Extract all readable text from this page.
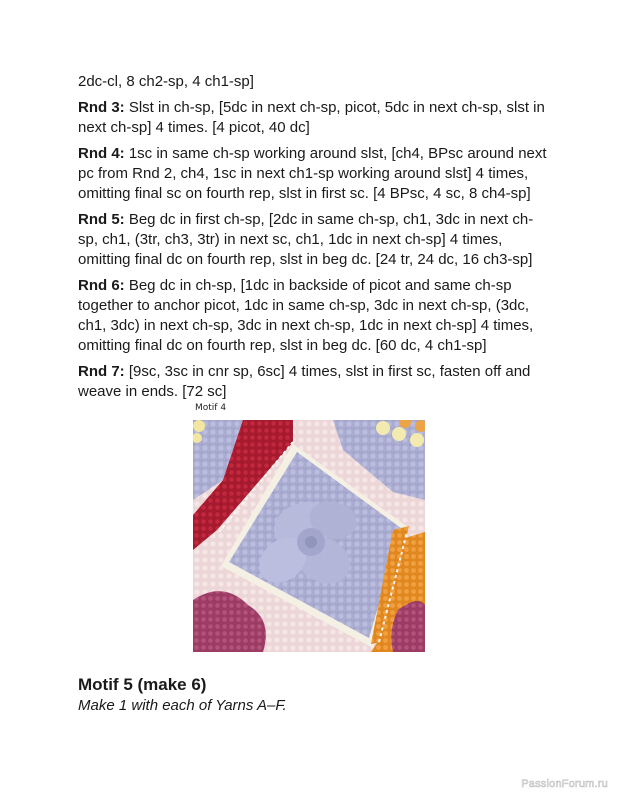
2dc-cl, 8 ch2-sp, 4 ch1-sp]

Rnd 3: Slst in ch-sp, [5dc in next ch-sp, picot, 5dc in next ch-sp, slst in next ch-sp] 4 times. [4 picot, 40 dc]

Rnd 4: 1sc in same ch-sp working around slst, [ch4, BPsc around next pc from Rnd 2, ch4, 1sc in next ch1-sp working around slst] 4 times, omitting final sc on fourth rep, slst in first sc. [4 BPsc, 4 sc, 8 ch4-sp]

Rnd 5: Beg dc in first ch-sp, [2dc in same ch-sp, ch1, 3dc in next ch-sp, ch1, (3tr, ch3, 3tr) in next sc, ch1, 1dc in next ch-sp] 4 times, omitting final dc on fourth rep, slst in beg dc. [24 tr, 24 dc, 16 ch3-sp]

Rnd 6: Beg dc in ch-sp, [1dc in backside of picot and same ch-sp together to anchor picot, 1dc in same ch-sp, 3dc in next ch-sp, (3dc, ch1, 3dc) in next ch-sp, 3dc in next ch-sp, 1dc in next ch-sp] 4 times, omitting final dc on fourth rep, slst in beg dc. [60 dc, 4 ch1-sp]

Rnd 7: [9sc, 3sc in cnr sp, 6sc] 4 times, slst in first sc, fasten off and weave in ends. [72 sc]

Motif 4
Motif 5 (make 6)

Make 1 with each of Yarns A–F.

PassionForum.ru
